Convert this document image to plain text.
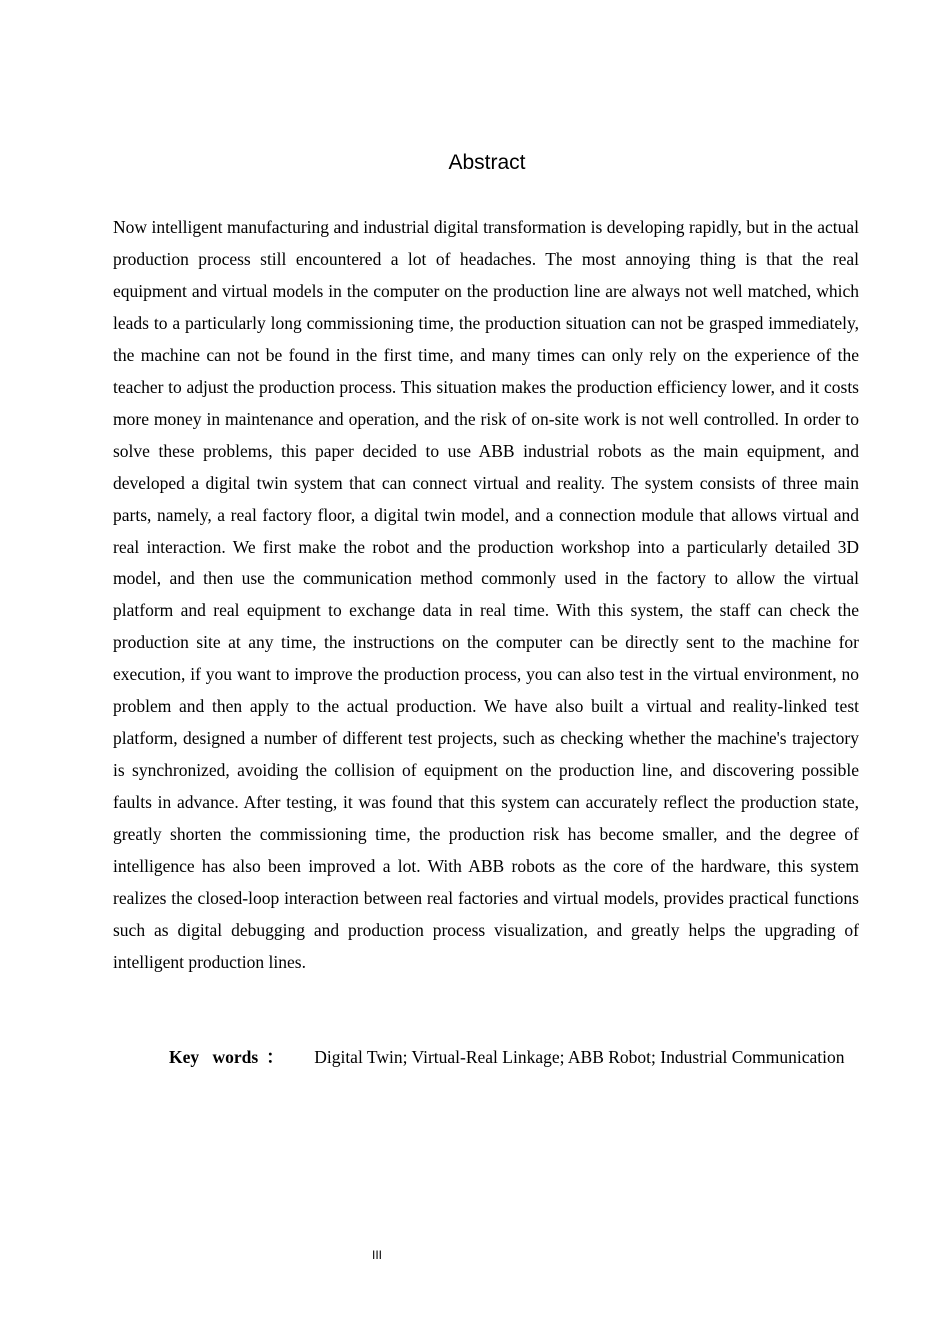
Abstract

Now intelligent manufacturing and industrial digital transformation is developing rapidly, but in the actual production process still encountered a lot of headaches. The most annoying thing is that the real equipment and virtual models in the computer on the production line are always not well matched, which leads to a particularly long commissioning time, the production situation can not be grasped immediately, the machine can not be found in the first time, and many times can only rely on the experience of the teacher to adjust the production process. This situation makes the production efficiency lower, and it costs more money in maintenance and operation, and the risk of on-site work is not well controlled. In order to solve these problems, this paper decided to use ABB industrial robots as the main equipment, and developed a digital twin system that can connect virtual and reality. The system consists of three main parts, namely, a real factory floor, a digital twin model, and a connection module that allows virtual and real interaction. We first make the robot and the production workshop into a particularly detailed 3D model, and then use the communication method commonly used in the factory to allow the virtual platform and real equipment to exchange data in real time. With this system, the staff can check the production site at any time, the instructions on the computer can be directly sent to the machine for execution, if you want to improve the production process, you can also test in the virtual environment, no problem and then apply to the actual production. We have also built a virtual and reality-linked test platform, designed a number of different test projects, such as checking whether the machine's trajectory is synchronized, avoiding the collision of equipment on the production line, and discovering possible faults in advance. After testing, it was found that this system can accurately reflect the production state, greatly shorten the commissioning time, the production risk has become smaller, and the degree of intelligence has also been improved a lot. With ABB robots as the core of the hardware, this system realizes the closed-loop interaction between real factories and virtual models, provides practical functions such as digital debugging and production process visualization, and greatly helps the upgrading of intelligent production lines.

Key words ： Digital Twin; Virtual-Real Linkage; ABB Robot; Industrial Communication

III
